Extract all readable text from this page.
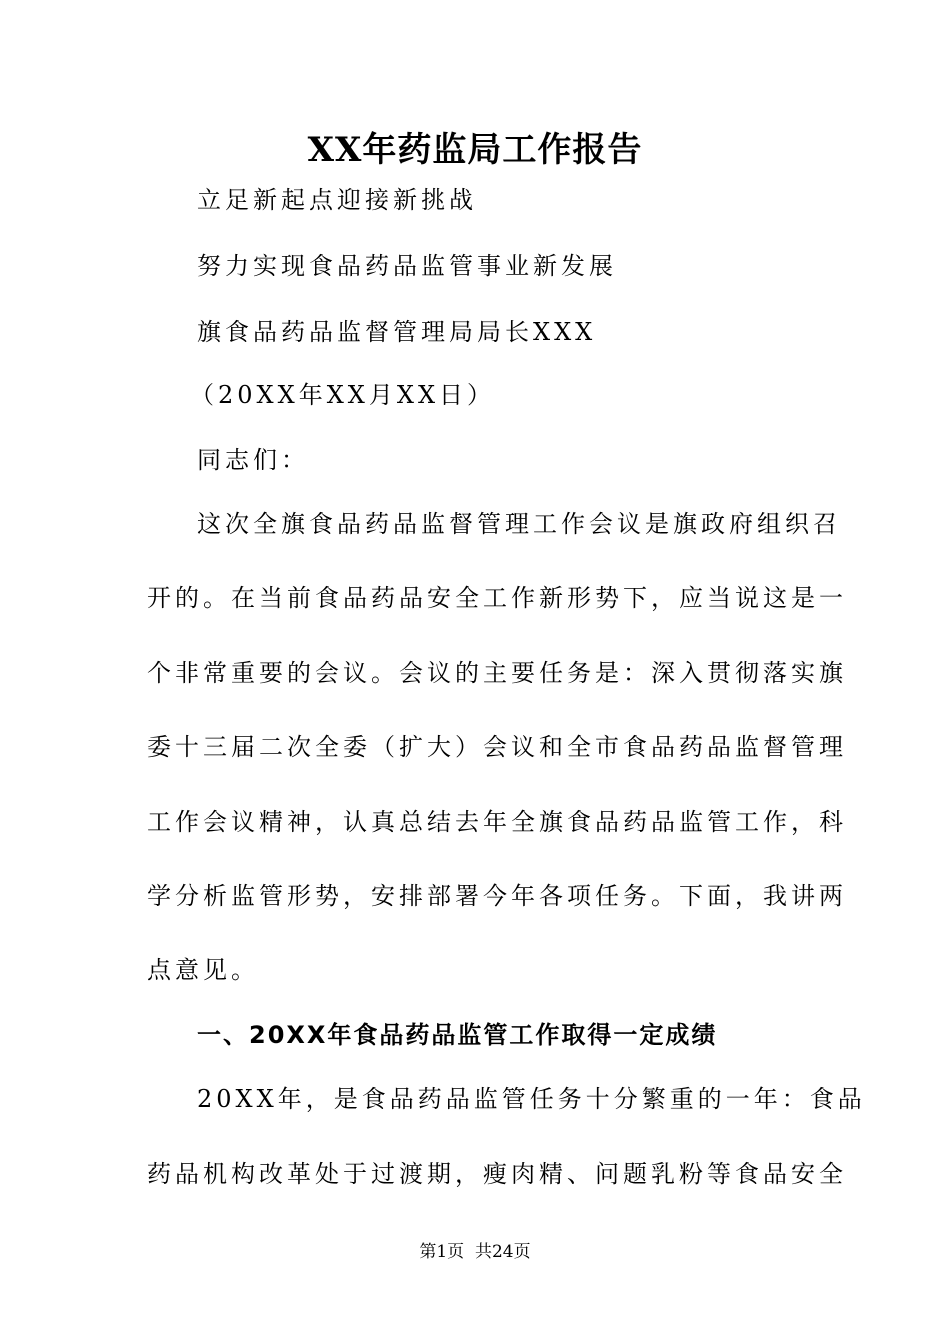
XX年药监局工作报告
立足新起点迎接新挑战
努力实现食品药品监管事业新发展
旗食品药品监督管理局局长XXX
（20XX年XX月XX日）
同志们：
这次全旗食品药品监督管理工作会议是旗政府组织召
开的。在当前食品药品安全工作新形势下，应当说这是一
个非常重要的会议。会议的主要任务是：深入贯彻落实旗
委十三届二次全委（扩大）会议和全市食品药品监督管理
工作会议精神，认真总结去年全旗食品药品监管工作，科
学分析监管形势，安排部署今年各项任务。下面，我讲两
点意见。
一、20XX年食品药品监管工作取得一定成绩
20XX年，是食品药品监管任务十分繁重的一年：食品
药品机构改革处于过渡期，瘦肉精、问题乳粉等食品安全
第1页  共24页
